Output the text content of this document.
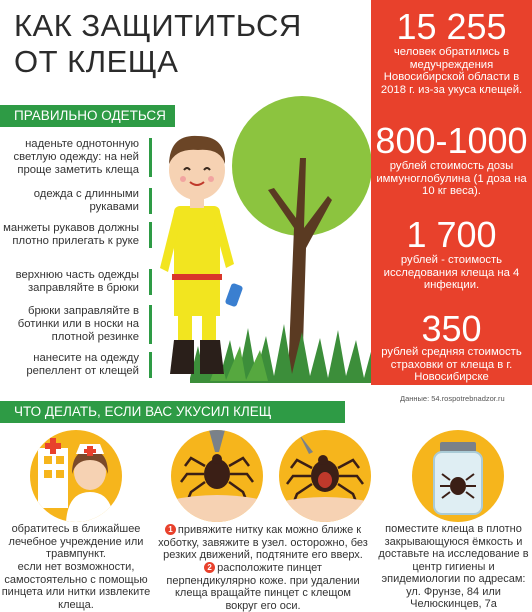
КАК ЗАЩИТИТЬСЯ
ОТ КЛЕЩА
ПРАВИЛЬНО ОДЕТЬСЯ
наденьте однотонную светлую одежду: на ней проще заметить клеща
одежда с длинными рукавами
манжеты рукавов должны плотно прилегать к руке
верхнюю часть одежды заправляйте в брюки
брюки заправляйте в ботинки или в носки на плотной резинке
нанесите на одежду репеллент от клещей
15 255
человек обратились в медучреждения Новосибирской области в 2018 г. из-за укуса клещей.
800-1000
рублей стоимость дозы иммуноглобулина (1 доза на 10 кг веса).
1 700
рублей - стоимость исследования клеща на 4 инфекции.
350
рублей средняя стоимость страховки от клеща в г. Новосибирске
Данные: 54.rospotrebnadzor.ru
ЧТО ДЕЛАТЬ, ЕСЛИ ВАС УКУСИЛ КЛЕЩ
обратитесь в ближайшее лечебное учреждение или травмпункт.
если нет возможности, самостоятельно с помощью пинцета или нитки извлеките клеща.
1 привяжите нитку как можно ближе к хоботку, завяжите в узел. осторожно, без резких движений, подтяните его вверх.
2 расположите пинцет перпендикулярно коже. при удалении клеща вращайте пинцет с клещом вокруг его оси.
поместите клеща в плотно закрывающуюся ёмкость и доставьте на исследование в центр гигиены и эпидемиологии по адресам: ул. Фрунзе, 84 или Челюскинцев, 7а
